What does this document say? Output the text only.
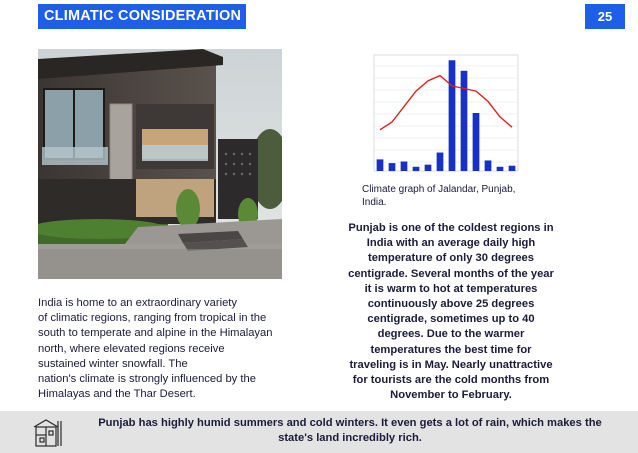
CLIMATIC CONSIDERATION	25
Climate graph of Jalandar, Punjab,
India.
Punjab is one of the coldest regions in
India with an average daily high
temperature of only 30 degrees
centigrade. Several months of the year
it is warm to hot at temperatures
continuously above 25 degrees
centigrade, sometimes up to 40
degrees. Due to the warmer
temperatures the best time for
traveling is in May. Nearly unattractive
for tourists are the cold months from
November to February.
India is home to an extraordinary variety
of climatic regions, ranging from tropical in the
south to temperate and alpine in the Himalayan
north, where elevated regions receive
sustained winter snowfall. The
nation's climate is strongly influenced by the
Himalayas and the Thar Desert.
Punjab has highly humid summers and cold winters. It even gets a lot of rain, which makes the
state's land incredibly rich.
